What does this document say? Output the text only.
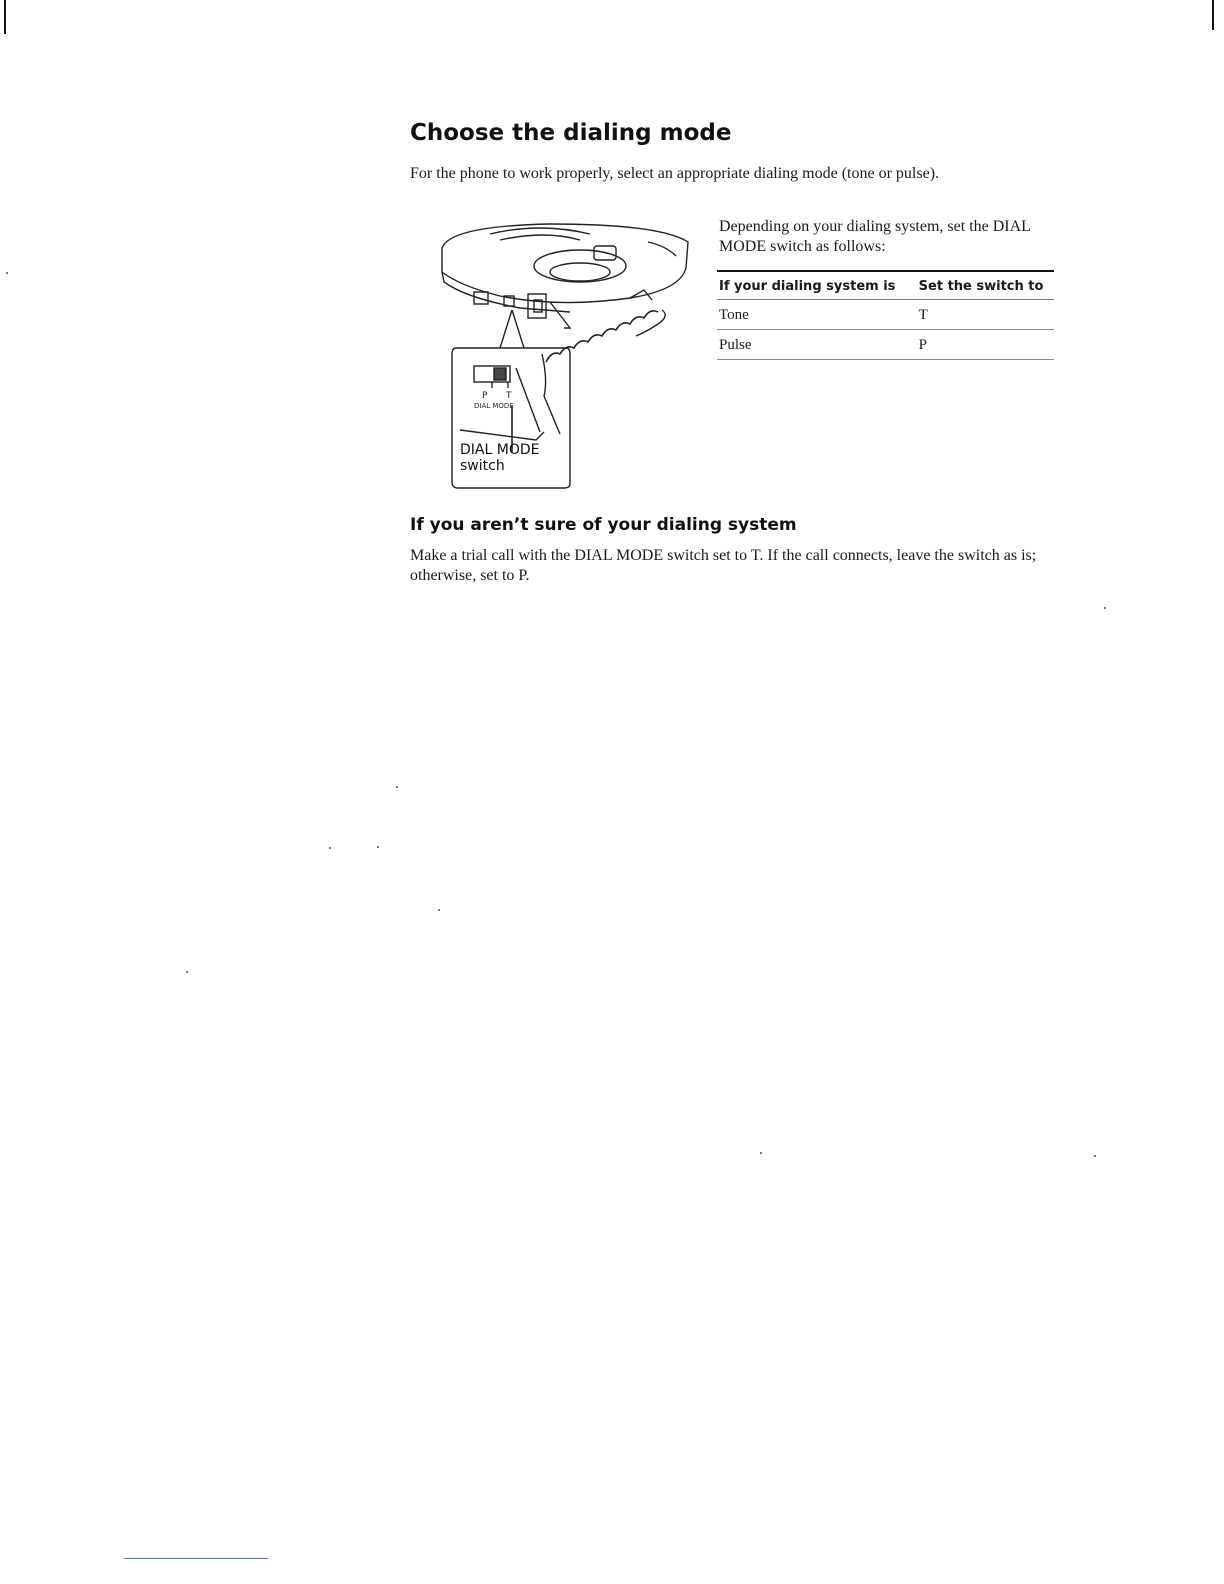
Choose the dialing mode

For the phone to work properly, select an appropriate dialing mode (tone or pulse).

P T
DIAL MODE
DIAL MODE
switch

Depending on your dialing system, set the DIAL MODE switch as follows:

If your dialing system is	Set the switch to
Tone	T
Pulse	P
If you aren’t sure of your dialing system

Make a trial call with the DIAL MODE switch set to T. If the call connects, leave the switch as is; otherwise, set to P.
